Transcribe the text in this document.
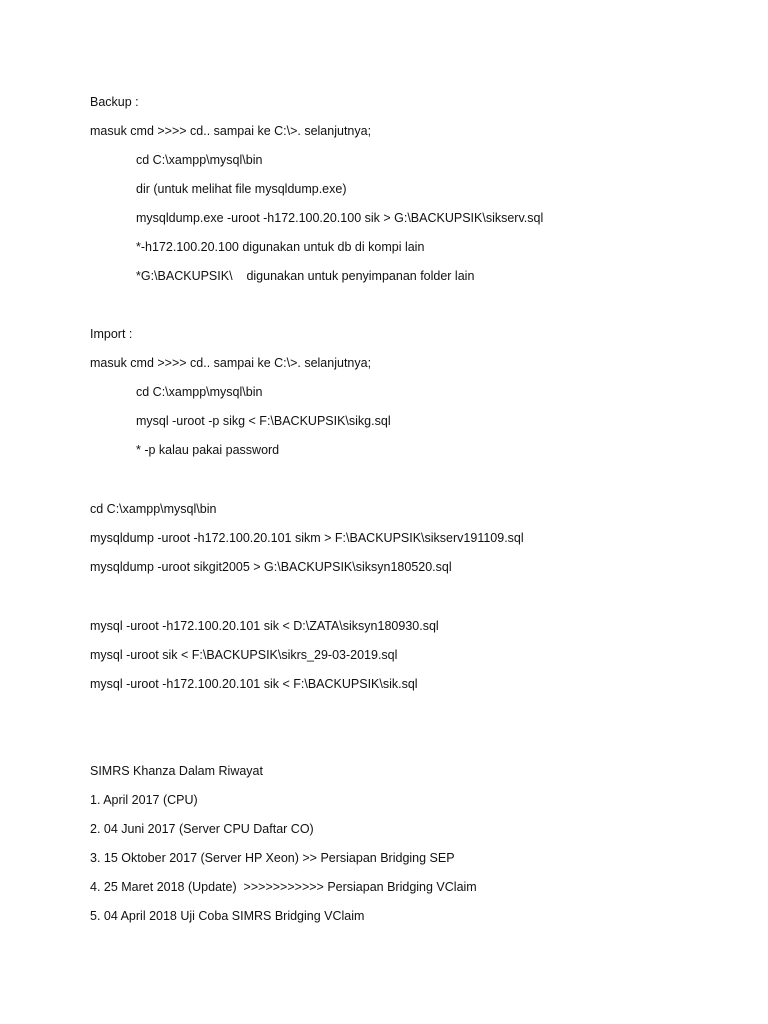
Backup :
masuk cmd >>>> cd.. sampai ke C:\>. selanjutnya;
cd C:\xampp\mysql\bin
dir (untuk melihat file mysqldump.exe)
mysqldump.exe -uroot -h172.100.20.100 sik > G:\BACKUPSIK\sikserv.sql
*-h172.100.20.100 digunakan untuk db di kompi lain
*G:\BACKUPSIK\    digunakan untuk penyimpanan folder lain
Import :
masuk cmd >>>> cd.. sampai ke C:\>. selanjutnya;
cd C:\xampp\mysql\bin
mysql -uroot -p sikg < F:\BACKUPSIK\sikg.sql
* -p kalau pakai password
cd C:\xampp\mysql\bin
mysqldump -uroot -h172.100.20.101 sikm > F:\BACKUPSIK\sikserv191109.sql
mysqldump -uroot sikgit2005 > G:\BACKUPSIK\siksyn180520.sql
mysql -uroot -h172.100.20.101 sik < D:\ZATA\siksyn180930.sql
mysql -uroot sik < F:\BACKUPSIK\sikrs_29-03-2019.sql
mysql -uroot -h172.100.20.101 sik < F:\BACKUPSIK\sik.sql
SIMRS Khanza Dalam Riwayat
1. April 2017 (CPU)
2. 04 Juni 2017 (Server CPU Daftar CO)
3. 15 Oktober 2017 (Server HP Xeon) >> Persiapan Bridging SEP
4. 25 Maret 2018 (Update)  >>>>>>>>>>> Persiapan Bridging VClaim
5. 04 April 2018 Uji Coba SIMRS Bridging VClaim
